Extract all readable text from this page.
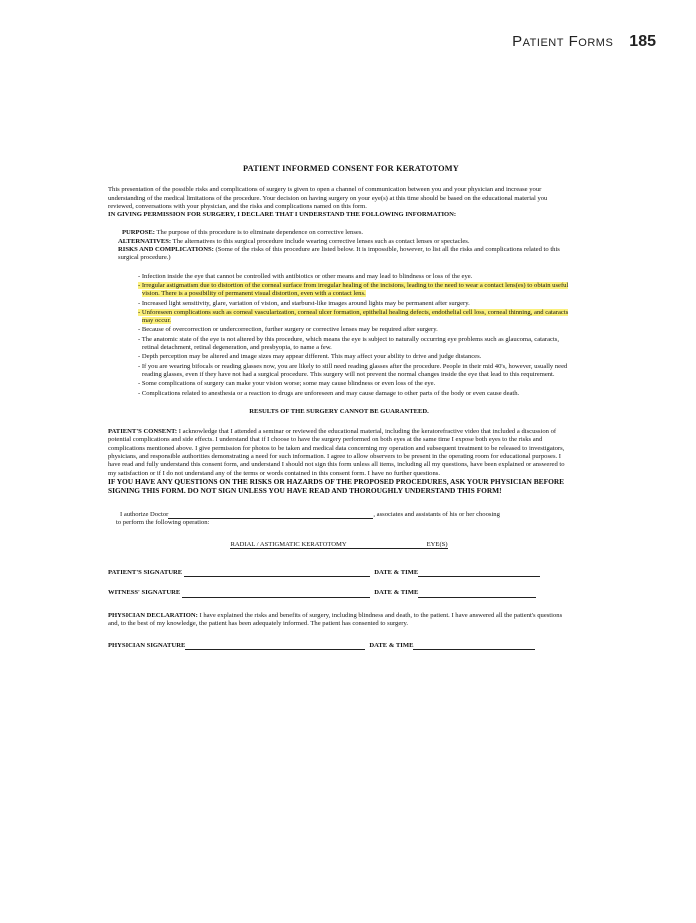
Patient Forms 185
PATIENT INFORMED CONSENT FOR KERATOTOMY

This presentation of the possible risks and complications of surgery is given to open a channel of communication between you and your physician and increase your understanding of the medical limitations of the procedure. Your decision on having surgery on your eye(s) at this time should be based on the educational material you reviewed, conversations with your physician, and the risks and complications named on this form.

IN GIVING PERMISSION FOR SURGERY, I DECLARE THAT I UNDERSTAND THE FOLLOWING INFORMATION:

PURPOSE: The purpose of this procedure is to eliminate dependence on corrective lenses.

ALTERNATIVES: The alternatives to this surgical procedure include wearing corrective lenses such as contact lenses or spectacles.

RISKS AND COMPLICATIONS: (Some of the risks of this procedure are listed below. It is impossible, however, to list all the risks and complications related to this surgical procedure.)

- Infection inside the eye that cannot be controlled with antibiotics or other means and may lead to blindness or loss of the eye.
- Irregular astigmatism due to distortion of the corneal surface from irregular healing of the incisions, leading to the need to wear a contact lens(es) to obtain useful vision. There is a possibility of permanent visual distortion, even with a contact lens.
- Increased light sensitivity, glare, variation of vision, and starburst-like images around lights may be permanent after surgery.
- Unforeseen complications such as corneal vascularization, corneal ulcer formation, epithelial healing defects, endothelial cell loss, corneal thinning, and cataracts may occur.
- Because of overcorrection or undercorrection, further surgery or corrective lenses may be required after surgery.
- The anatomic state of the eye is not altered by this procedure, which means the eye is subject to naturally occurring eye problems such as glaucoma, cataracts, retinal detachment, retinal degeneration, and presbyopia, to name a few.
- Depth perception may be altered and image sizes may appear different. This may affect your ability to drive and judge distances.
- If you are wearing bifocals or reading glasses now, you are likely to still need reading glasses after the procedure. People in their mid 40's, however, usually need reading glasses, even if they have not had a surgical procedure. This surgery will not prevent the normal changes inside the eye that lead to this requirement.
- Some complications of surgery can make your vision worse; some may cause blindness or even loss of the eye.
- Complications related to anesthesia or a reaction to drugs are unforeseen and may cause damage to other parts of the body or even cause death.
RESULTS OF THE SURGERY CANNOT BE GUARANTEED.

PATIENT'S CONSENT: I acknowledge that I attended a seminar or reviewed the educational material, including the keratorefractive video that included a discussion of potential complications and side effects. I understand that if I choose to have the surgery performed on both eyes at the same time I expose both eyes to the risks and complications mentioned above. I give permission for photos to be taken and medical data concerning my operation and subsequent treatment to be released to investigators, physicians, and responsible authorities demonstrating a need for such information. I agree to allow observers to be present in the operating room for educational purposes. I have read and fully understand this consent form, and understand I should not sign this form unless all items, including all my questions, have been explained or answered to my satisfaction or if I do not understand any of the terms or words contained in this consent form. I have no further questions.

IF YOU HAVE ANY QUESTIONS ON THE RISKS OR HAZARDS OF THE PROPOSED PROCEDURES, ASK YOUR PHYSICIAN BEFORE SIGNING THIS FORM. DO NOT SIGN UNLESS YOU HAVE READ AND THOROUGHLY UNDERSTAND THIS FORM!

I authorize Doctor	, associates and assistants of his or her choosing
to perform the following operation:
RADIAL / ASTIGMATIC KERATOTOMY	EYE(S)
PATIENT'S SIGNATURE	DATE & TIME
WITNESS' SIGNATURE	DATE & TIME

PHYSICIAN DECLARATION: I have explained the risks and benefits of surgery, including blindness and death, to the patient. I have answered all the patient's questions and, to the best of my knowledge, the patient has been adequately informed. The patient has consented to surgery.

PHYSICIAN SIGNATURE	DATE & TIME
